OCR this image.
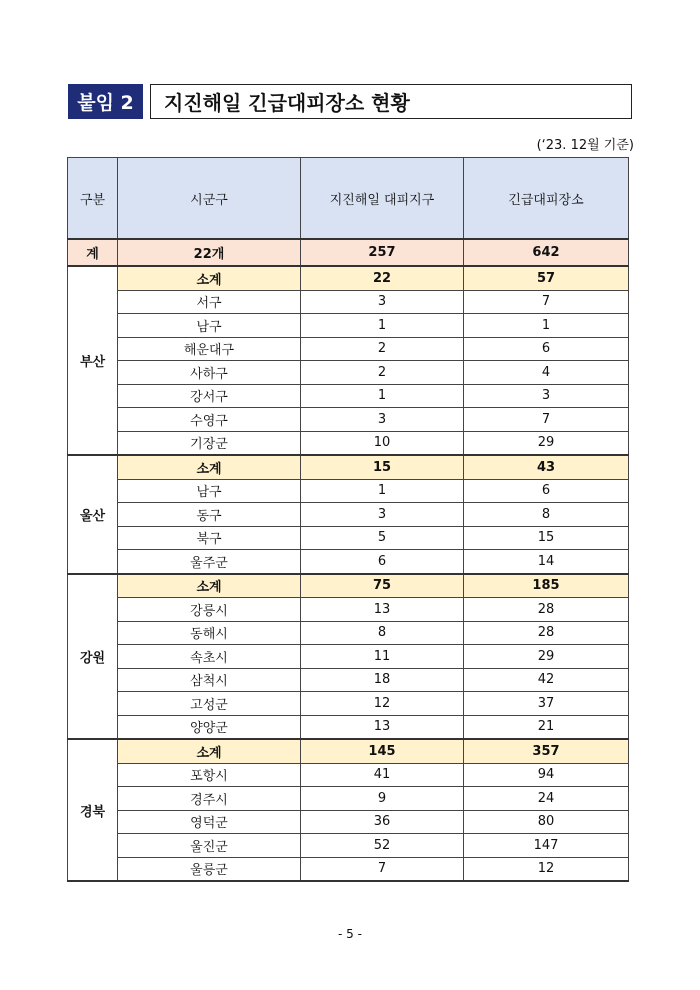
붙임 2	지진해일 긴급대피장소 현황
(‘23. 12월 기준)
구분	시군구	지진해일 대피지구	긴급대피장소
계	22개	257	642
부산	소계	22	57
	서구	3	7
	남구	1	1
	해운대구	2	6
	사하구	2	4
	강서구	1	3
	수영구	3	7
	기장군	10	29
울산	소계	15	43
	남구	1	6
	동구	3	8
	북구	5	15
	울주군	6	14
강원	소계	75	185
	강릉시	13	28
	동해시	8	28
	속초시	11	29
	삼척시	18	42
	고성군	12	37
	양양군	13	21
경북	소계	145	357
	포항시	41	94
	경주시	9	24
	영덕군	36	80
	울진군	52	147
	울릉군	7	12
- 5 -
